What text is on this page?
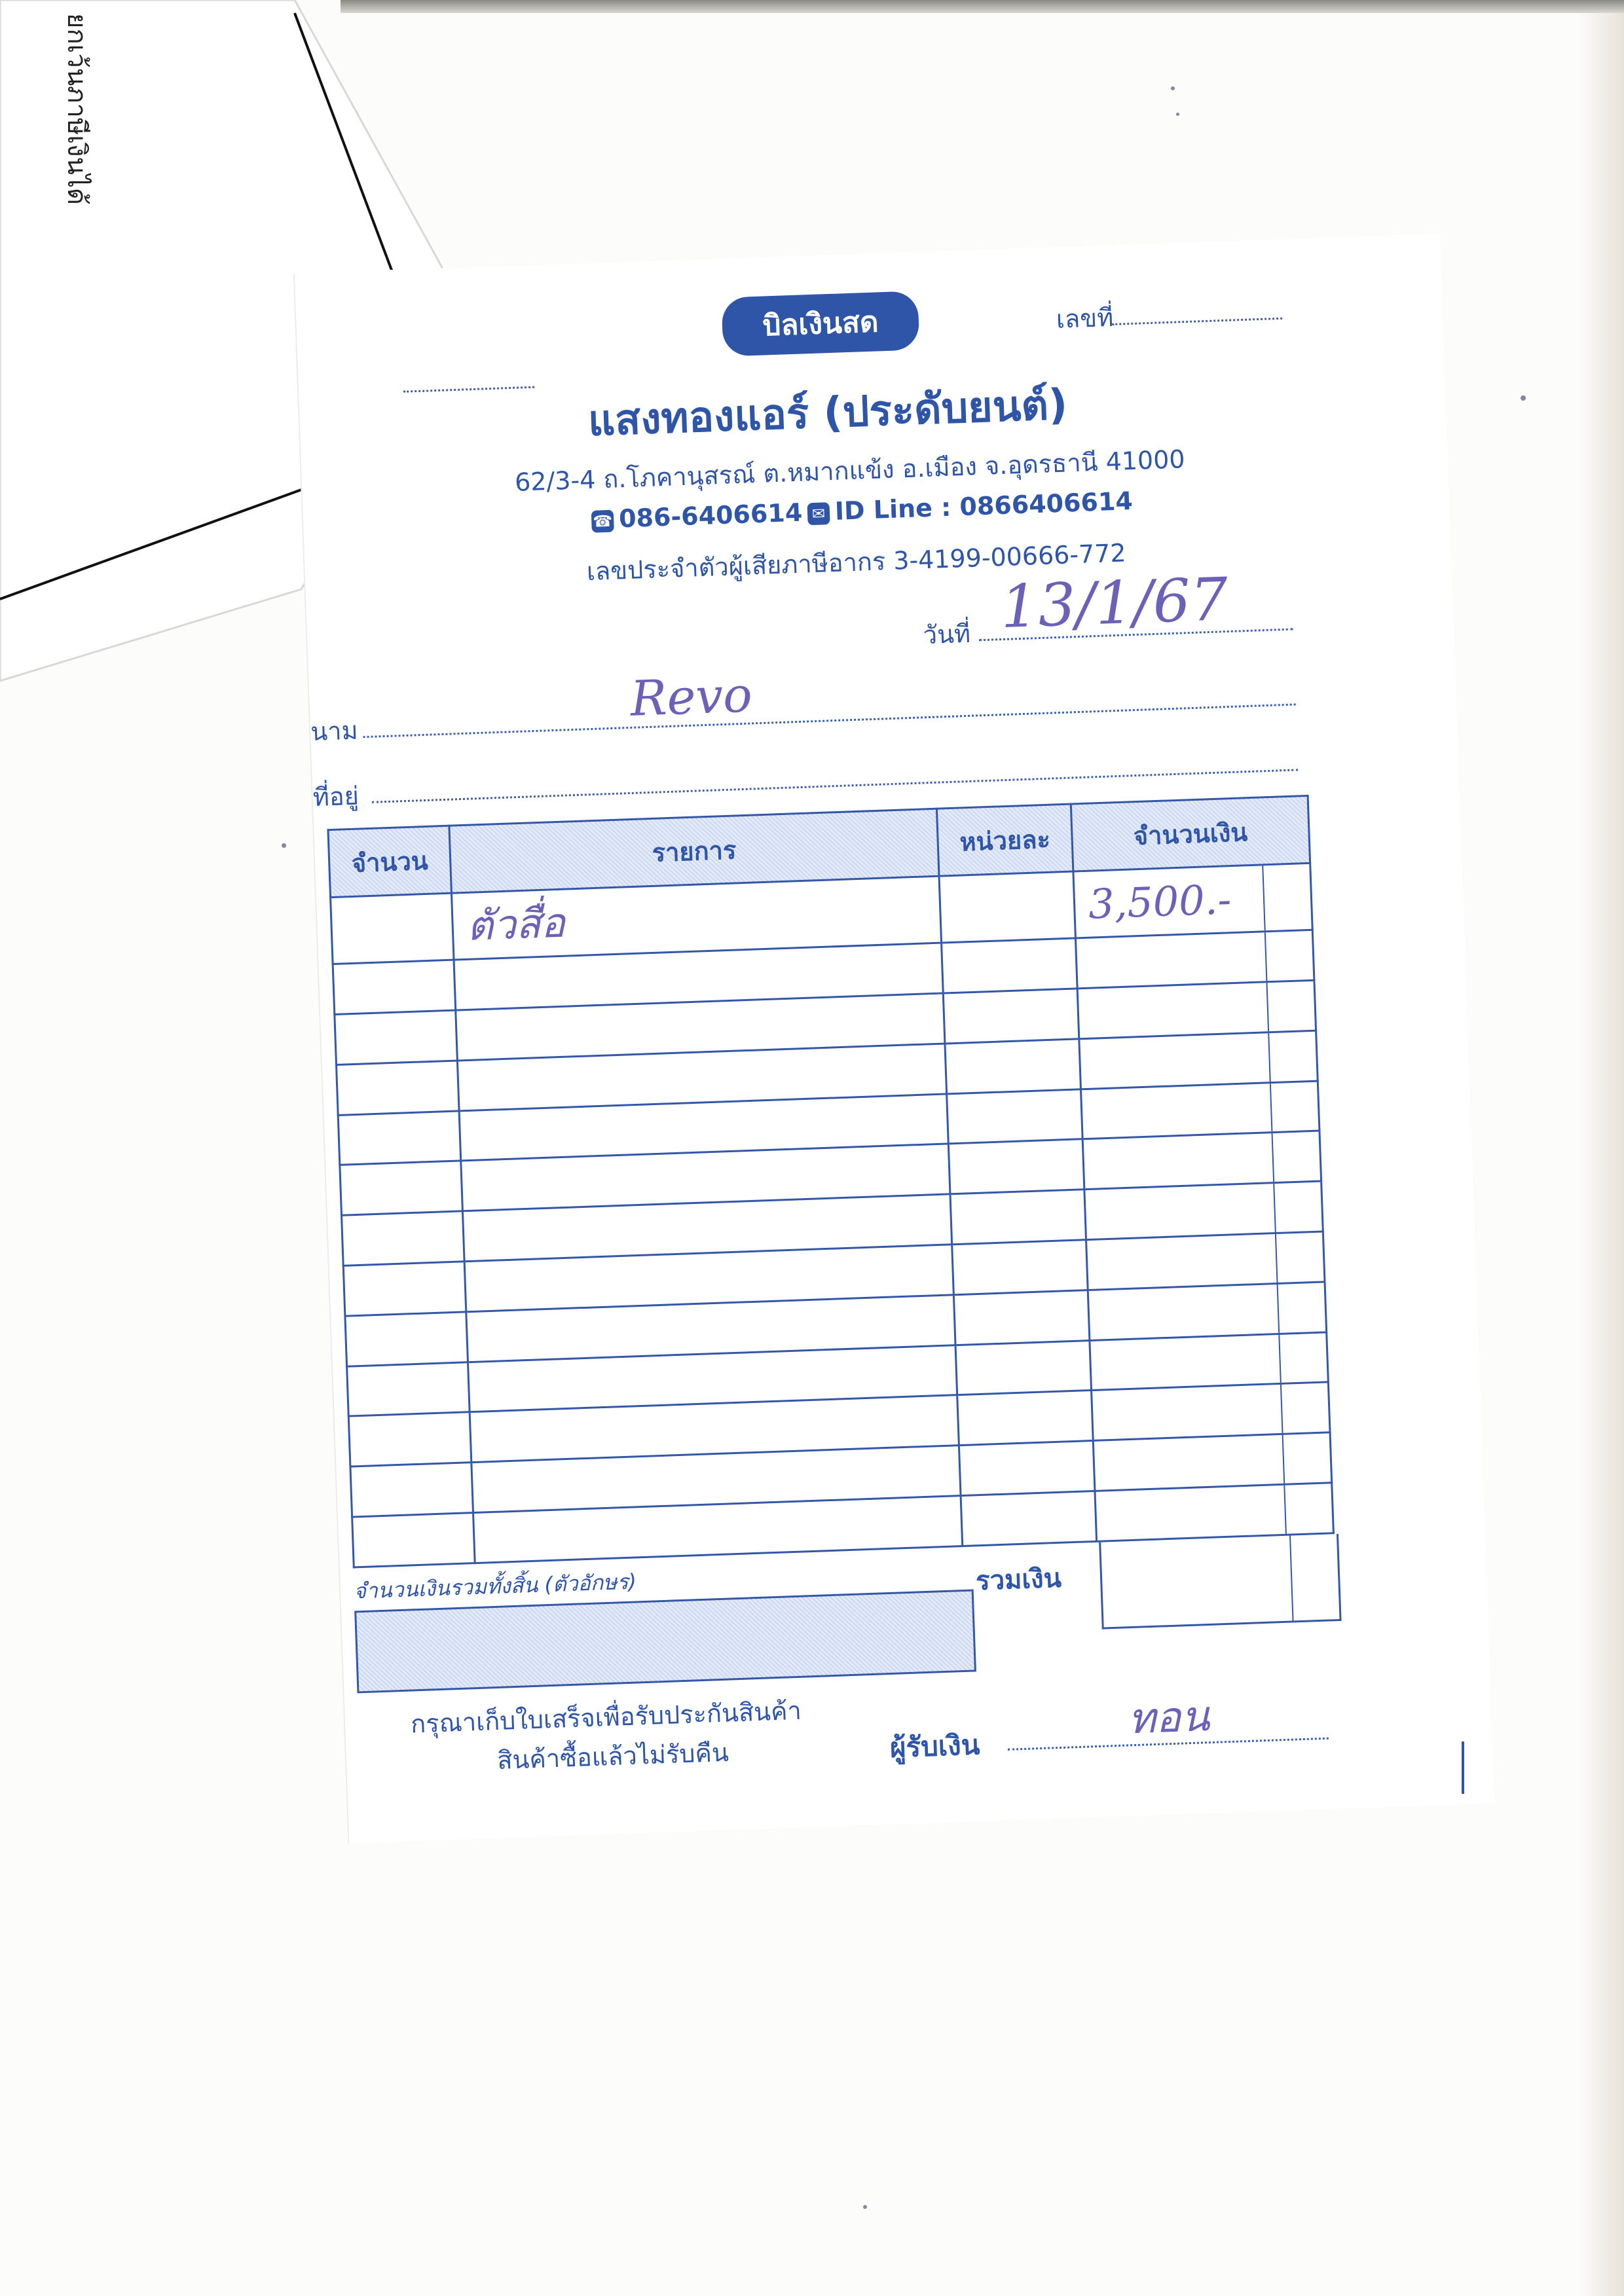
ยกเว้นภาษีเงินได้
บิลเงินสด	เลขที่
แสงทองแอร์ (ประดับยนต์)
62/3-4 ถ.โภคานุสรณ์ ต.หมากแข้ง อ.เมือง จ.อุดรธานี 41000
☎ 086-6406614 ✉ ID Line : 0866406614
เลขประจำตัวผู้เสียภาษีอากร 3-4199-00666-772
วันที่ 13/1/67
นาม
Revo
ที่อยู่
จำนวน	รายการ	หน่วยละ	จำนวนเงิน
	ตัวสื่อ		3,500.-

จำนวนเงินรวมทั้งสิ้น (ตัวอักษร)	รวมเงิน
กรุณาเก็บใบเสร็จเพื่อรับประกันสินค้า
สินค้าซื้อแล้วไม่รับคืน	ผู้รับเงิน
ทอน
